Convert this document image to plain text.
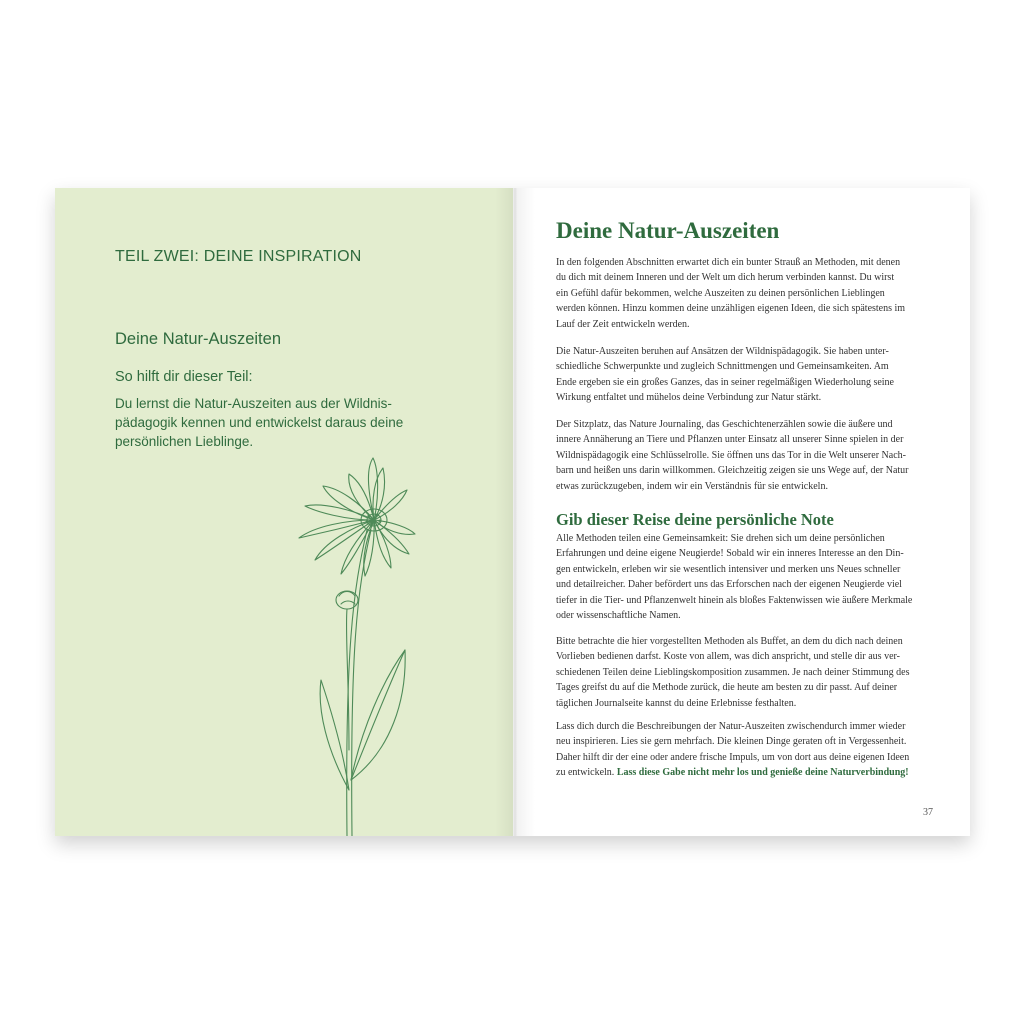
TEIL ZWEI: DEINE INSPIRATION
Deine Natur-Auszeiten
So hilft dir dieser Teil:
Du lernst die Natur-Auszeiten aus der Wildnis-
pädagogik kennen und entwickelst daraus deine
persönlichen Lieblinge.
Deine Natur-Auszeiten

In den folgenden Abschnitten erwartet dich ein bunter Strauß an Methoden, mit denen
du dich mit deinem Inneren und der Welt um dich herum verbinden kannst. Du wirst
ein Gefühl dafür bekommen, welche Auszeiten zu deinen persönlichen Lieblingen
werden können. Hinzu kommen deine unzähligen eigenen Ideen, die sich spätestens im
Lauf der Zeit entwickeln werden.

Die Natur-Auszeiten beruhen auf Ansätzen der Wildnispädagogik. Sie haben unter-
schiedliche Schwerpunkte und zugleich Schnittmengen und Gemeinsamkeiten. Am
Ende ergeben sie ein großes Ganzes, das in seiner regelmäßigen Wiederholung seine
Wirkung entfaltet und mühelos deine Verbindung zur Natur stärkt.

Der Sitzplatz, das Nature Journaling, das Geschichtenerzählen sowie die äußere und
innere Annäherung an Tiere und Pflanzen unter Einsatz all unserer Sinne spielen in der
Wildnispädagogik eine Schlüsselrolle. Sie öffnen uns das Tor in die Welt unserer Nach-
barn und heißen uns darin willkommen. Gleichzeitig zeigen sie uns Wege auf, der Natur
etwas zurückzugeben, indem wir ein Verständnis für sie entwickeln.

Gib dieser Reise deine persönliche Note

Alle Methoden teilen eine Gemeinsamkeit: Sie drehen sich um deine persönlichen
Erfahrungen und deine eigene Neugierde! Sobald wir ein inneres Interesse an den Din-
gen entwickeln, erleben wir sie wesentlich intensiver und merken uns Neues schneller
und detailreicher. Daher befördert uns das Erforschen nach der eigenen Neugierde viel
tiefer in die Tier- und Pflanzenwelt hinein als bloßes Faktenwissen wie äußere Merkmale
oder wissenschaftliche Namen.

Bitte betrachte die hier vorgestellten Methoden als Buffet, an dem du dich nach deinen
Vorlieben bedienen darfst. Koste von allem, was dich anspricht, und stelle dir aus ver-
schiedenen Teilen deine Lieblingskomposition zusammen. Je nach deiner Stimmung des
Tages greifst du auf die Methode zurück, die heute am besten zu dir passt. Auf deiner
täglichen Journalseite kannst du deine Erlebnisse festhalten.

Lass dich durch die Beschreibungen der Natur-Auszeiten zwischendurch immer wieder
neu inspirieren. Lies sie gern mehrfach. Die kleinen Dinge geraten oft in Vergessenheit.
Daher hilft dir der eine oder andere frische Impuls, um von dort aus deine eigenen Ideen
zu entwickeln. Lass diese Gabe nicht mehr los und genieße deine Naturverbindung!

37
